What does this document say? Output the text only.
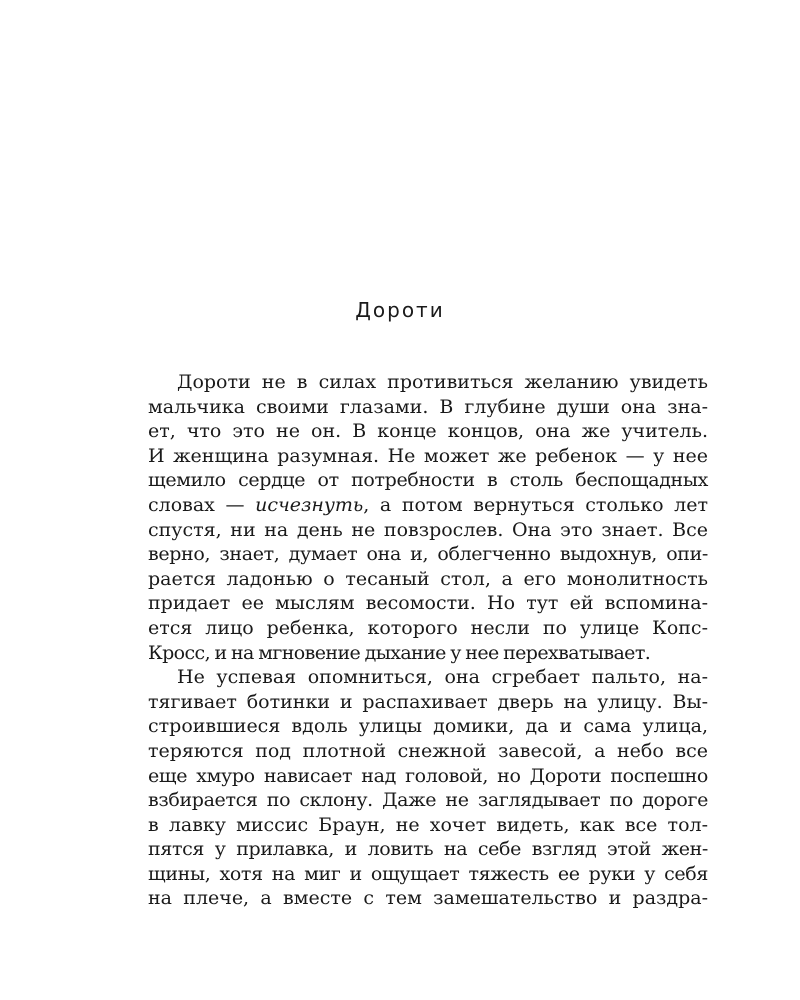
Дороти
Дороти не в силах противиться желанию увидеть
мальчика своими глазами. В глубине души она зна-
ет, что это не он. В конце концов, она же учитель.
И женщина разумная. Не может же ребенок — у нее
щемило сердце от потребности в столь беспощадных
словах — исчезнуть, а потом вернуться столько лет
спустя, ни на день не повзрослев. Она это знает. Все
верно, знает, думает она и, облегченно выдохнув, опи-
рается ладонью о тесаный стол, а его монолитность
придает ее мыслям весомости. Но тут ей вспомина-
ется лицо ребенка, которого несли по улице Копс-
Кросс, и на мгновение дыхание у нее перехватывает.
Не успевая опомниться, она сгребает пальто, на-
тягивает ботинки и распахивает дверь на улицу. Вы-
строившиеся вдоль улицы домики, да и сама улица,
теряются под плотной снежной завесой, а небо все
еще хмуро нависает над головой, но Дороти поспешно
взбирается по склону. Даже не заглядывает по дороге
в лавку миссис Браун, не хочет видеть, как все тол-
пятся у прилавка, и ловить на себе взгляд этой жен-
щины, хотя на миг и ощущает тяжесть ее руки у себя
на плече, а вместе с тем замешательство и раздра-
